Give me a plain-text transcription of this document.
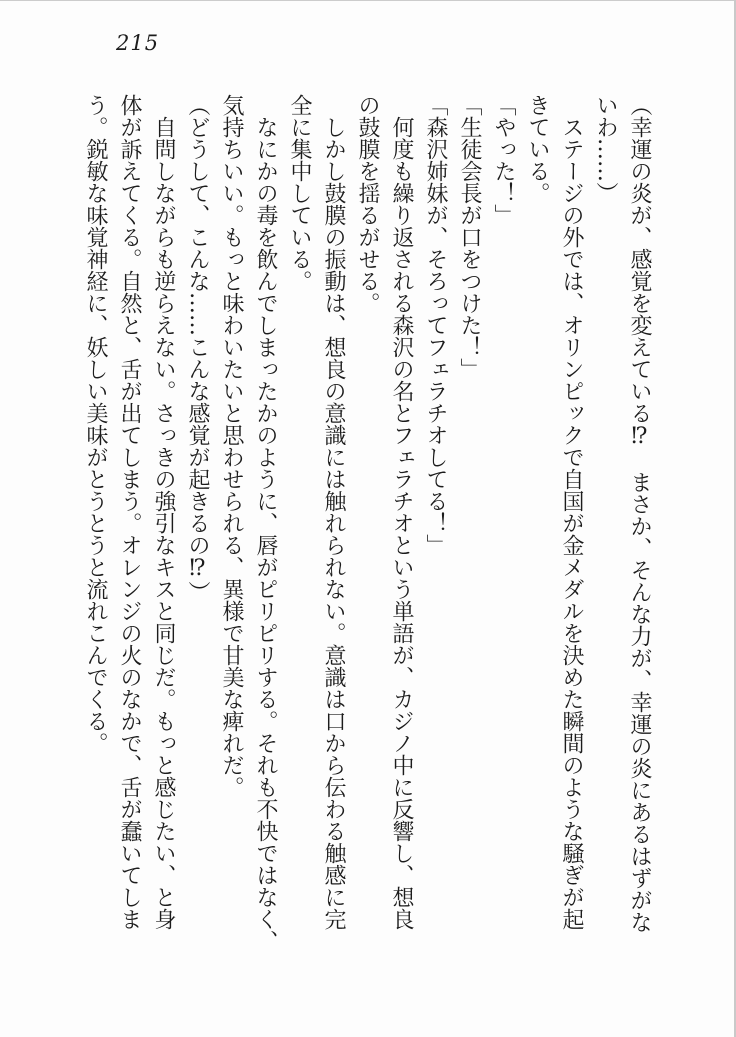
215

（幸運の炎が、感覚を変えている⁉　まさか、そんな力が、幸運の炎にあるはずがな

いわ……）

　ステージの外では、オリンピックで自国が金メダルを決めた瞬間のような騒ぎが起

きている。

「やった！」

「生徒会長が口をつけた！」

「森沢姉妹が、そろってフェラチオしてる！」

　何度も繰り返される森沢の名とフェラチオという単語が、カジノ中に反響し、想良

の鼓膜を揺るがせる。

　しかし鼓膜の振動は、想良の意識には触れられない。意識は口から伝わる触感に完

全に集中している。

　なにかの毒を飲んでしまったかのように、唇がピリピリする。それも不快ではなく、

気持ちいい。もっと味わいたいと思わせられる、異様で甘美な痺れだ。

（どうして、こんな……こんな感覚が起きるの⁉）

　自問しながらも逆らえない。さっきの強引なキスと同じだ。もっと感じたい、と身

体が訴えてくる。自然と、舌が出てしまう。オレンジの火のなかで、舌が蠢いてしま

う。鋭敏な味覚神経に、妖しい美味がとうとうと流れこんでくる。
